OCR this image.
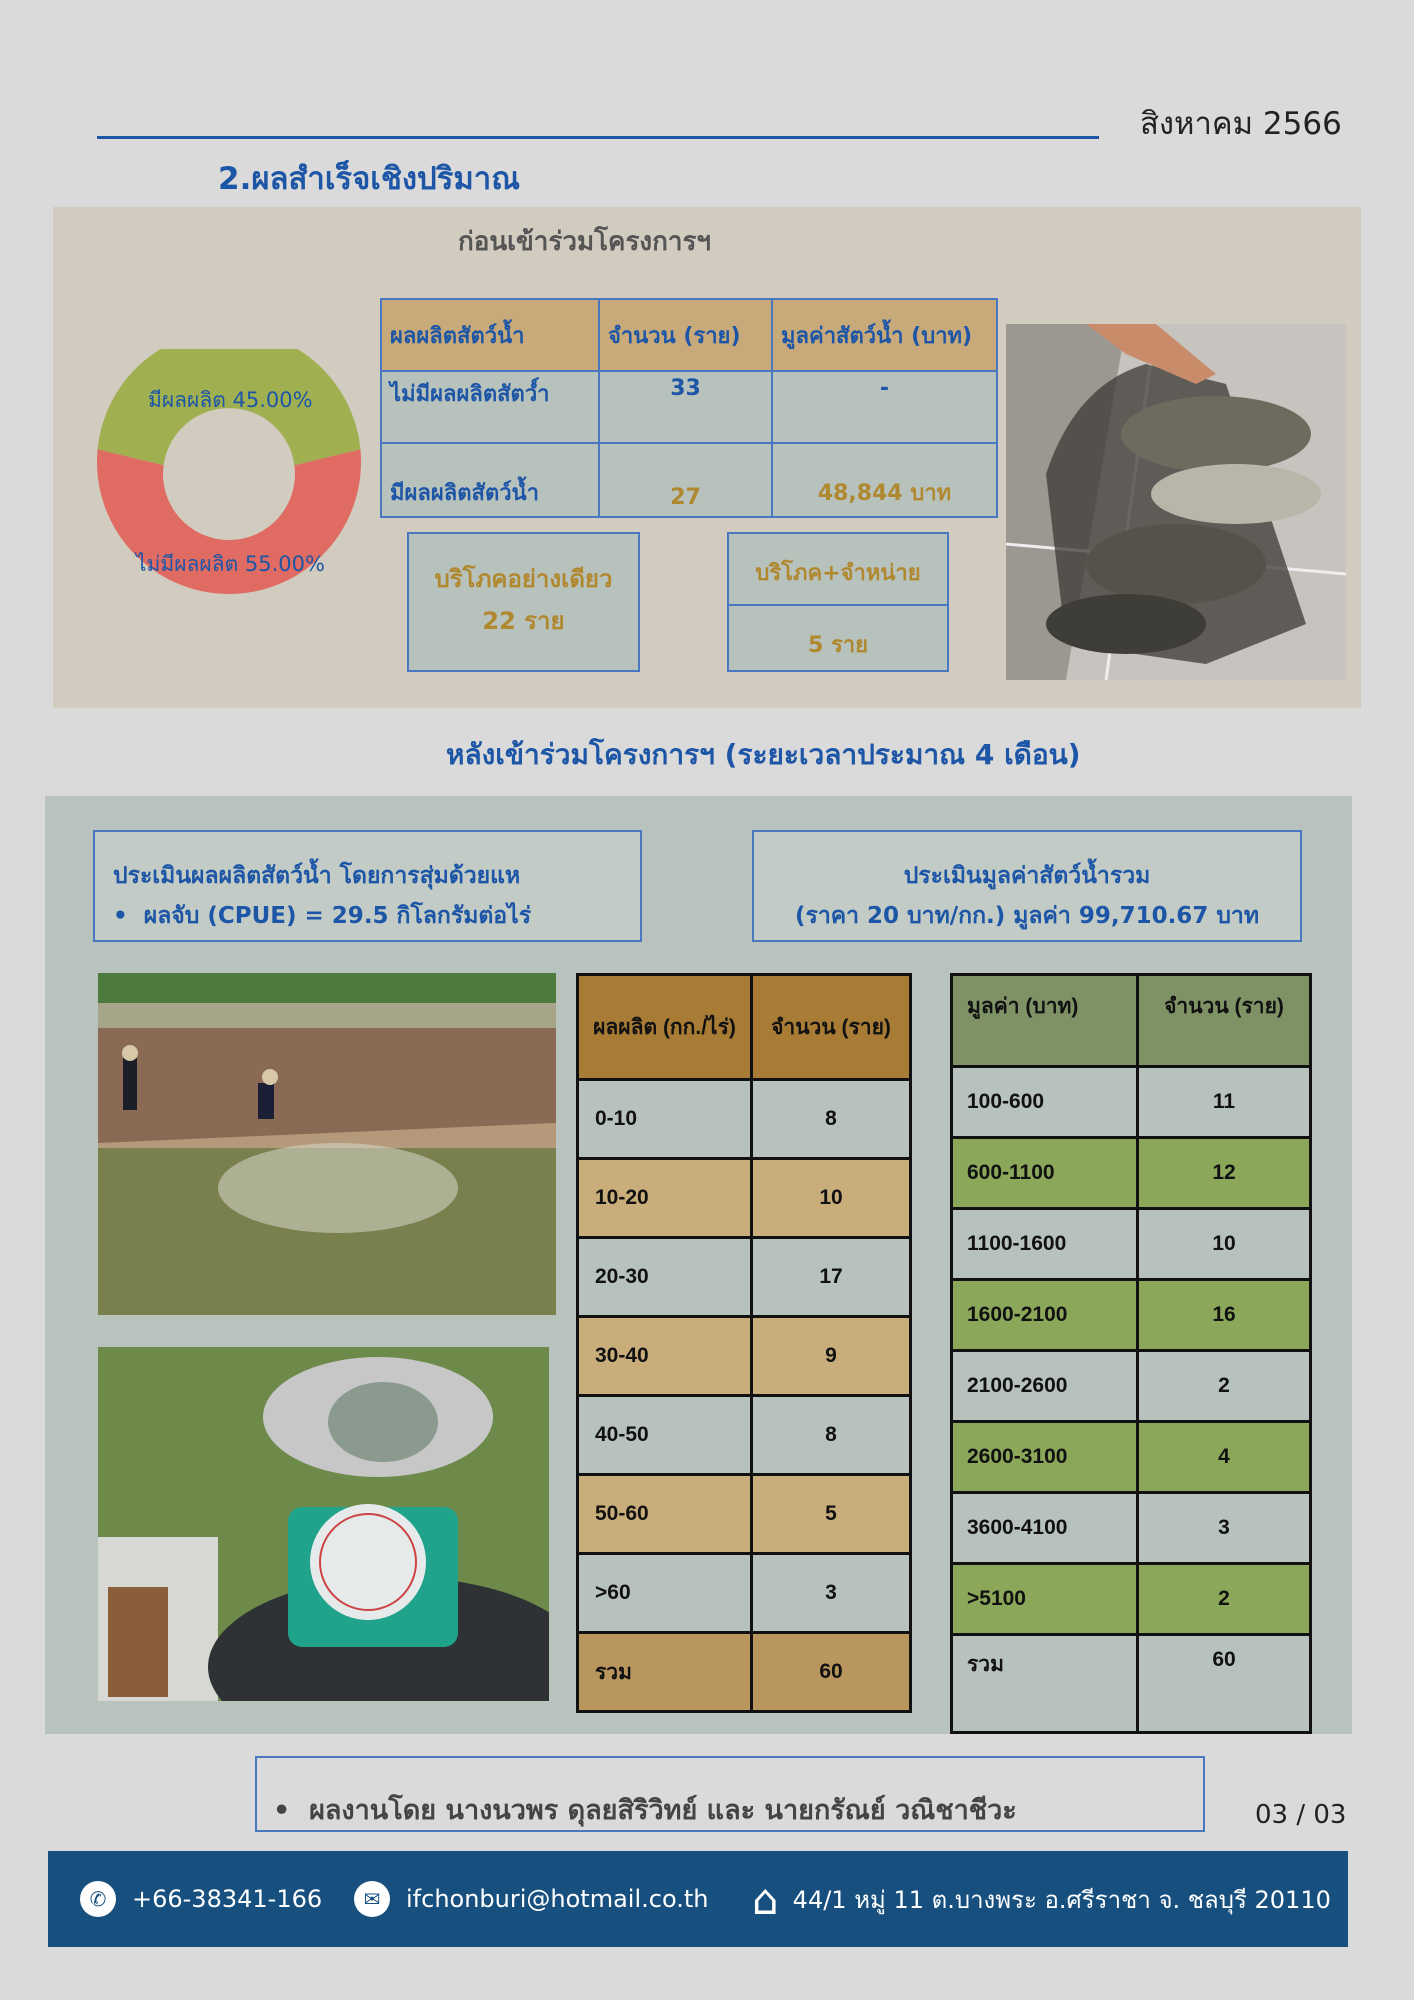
สิงหาคม 2566
2.ผลสำเร็จเชิงปริมาณ
ก่อนเข้าร่วมโครงการฯ
มีผลผลิต 45.00%
ไม่มีผลผลิต 55.00%
ผลผลิตสัตว์น้ำ	จำนวน (ราย)	มูลค่าสัตว์น้ำ (บาท)
ไม่มีผลผลิตสัตว์ำ	33	-
มีผลผลิตสัตว์น้ำ	27	48,844 บาท
บริโภคอย่างเดียว
22 ราย
บริโภค+จำหน่าย
5 ราย
หลังเข้าร่วมโครงการฯ (ระยะเวลาประมาณ 4 เดือน)
ประเมินผลผลิตสัตว์น้ำ โดยการสุ่มด้วยแห
•  ผลจับ (CPUE) = 29.5 กิโลกรัมต่อไร่
ประเมินมูลค่าสัตว์น้ำรวม
(ราคา 20 บาท/กก.) มูลค่า 99,710.67 บาท
ผลผลิต (กก./ไร่)	จำนวน (ราย)
0-10	8
10-20	10
20-30	17
30-40	9
40-50	8
50-60	5
>60	3
รวม	60
มูลค่า (บาท)	จำนวน (ราย)
100-600	11
600-1100	12
1100-1600	10
1600-2100	16
2100-2600	2
2600-3100	4
3600-4100	3
>5100	2
รวม	60
•  ผลงานโดย นางนวพร ดุลยสิริวิทย์ และ นายกรัณย์ วณิชาชีวะ	03 / 03
✆	+66-38341-166	✉	ifchonburi@hotmail.co.th ⌂ 44/1 หมู่ 11 ต.บางพระ อ.ศรีราชา จ. ชลบุรี 20110
